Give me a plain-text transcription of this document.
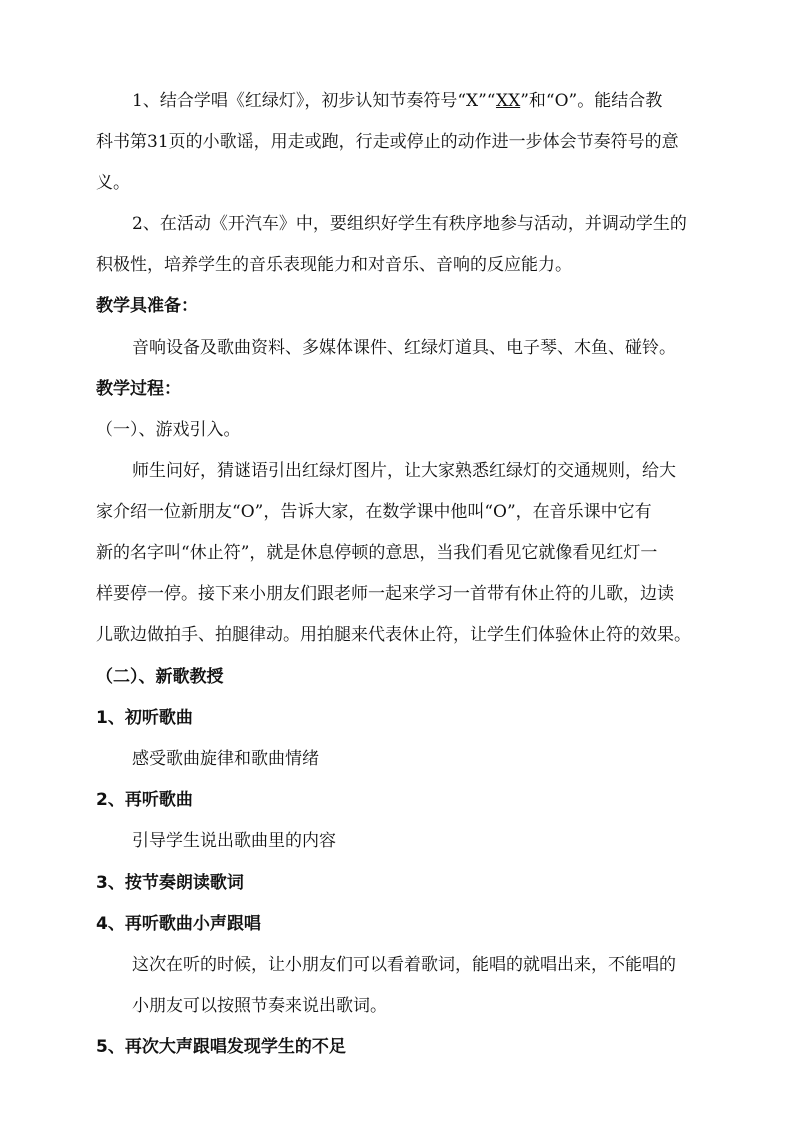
1、结合学唱《红绿灯》，初步认知节奏符号“X”“XX”和“O”。能结合教
科书第31页的小歌谣，用走或跑，行走或停止的动作进一步体会节奏符号的意
义。
2、在活动《开汽车》中，要组织好学生有秩序地参与活动，并调动学生的
积极性，培养学生的音乐表现能力和对音乐、音响的反应能力。
教学具准备：
音响设备及歌曲资料、多媒体课件、红绿灯道具、电子琴、木鱼、碰铃。
教学过程：
（一）、游戏引入。
师生问好，猜谜语引出红绿灯图片，让大家熟悉红绿灯的交通规则，给大
家介绍一位新朋友“O”，告诉大家，在数学课中他叫“O”，在音乐课中它有
新的名字叫“休止符”，就是休息停顿的意思，当我们看见它就像看见红灯一
样要停一停。接下来小朋友们跟老师一起来学习一首带有休止符的儿歌，边读
儿歌边做拍手、拍腿律动。用拍腿来代表休止符，让学生们体验休止符的效果。
（二）、新歌教授
1、初听歌曲
感受歌曲旋律和歌曲情绪
2、再听歌曲
引导学生说出歌曲里的内容
3、按节奏朗读歌词
4、再听歌曲小声跟唱
这次在听的时候，让小朋友们可以看着歌词，能唱的就唱出来，不能唱的
小朋友可以按照节奏来说出歌词。
5、再次大声跟唱发现学生的不足
